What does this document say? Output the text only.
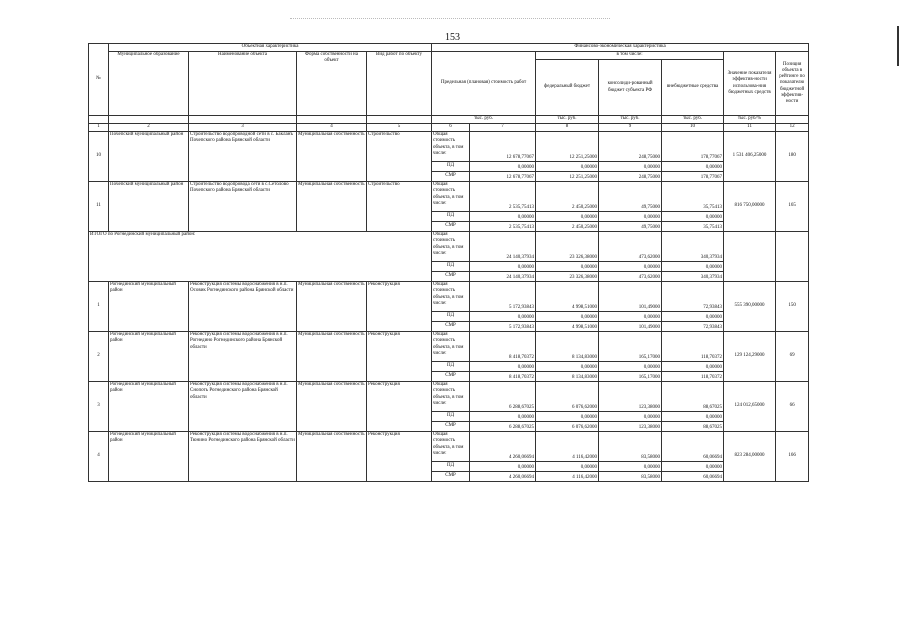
153
№	Объектная характеристика				Финансово-экономическая характеристика						
	Муниципальное образование	Наименование объекта	Форма собственности на объект	Вид работ по объекту	Предельная (плановая) стоимость работ		в том числе:			Значение показателя эффектив-ности использова-ния бюджетных средств	Позиция объекта в рейтинге по показателю бюджетной эффектив-ности
							федеральный бюджет	консолиди-рованный бюджет субъекта РФ	внебюджетные средства		
					тыс. руб.		тыс. руб.	тыс. руб.	тыс. руб.	тыс. руб/%	
1	2	3	4	5	6	7	8	9	10	11	12
10	Почепский муниципальный район	Строительство водопроводной сети в с. Бакланъ Почепского района Брянской области	Муниципальная собственность	Строительство	Общая стоимость объекта, в том числе:	12 678,77067	12 251,25000	248,75000	178,77067	1 531 406,25000	180
					ПД	0,00000	0,00000	0,00000	0,00000		
					СМР	12 678,77067	12 251,25000	248,75000	178,77067		
11	Почепский муниципальный район	Строительство водопровода сети в с.Сетолово Почепского района Брянской области	Муниципальная собственность	Строительство	Общая стоимость объекта, в том числе:	2 535,75413	2 450,25000	49,75000	35,75413	816 750,00000	165
					ПД	0,00000	0,00000	0,00000	0,00000		
					СМР	2 535,75413	2 450,25000	49,75000	35,75413		
ИТОГО по Рогнединский муниципальный район:					Общая стоимость объекта, в том числе:	24 140,37934	23 326,38000	473,62000	340,37934		
					ПД	0,00000	0,00000	0,00000	0,00000		
					СМР	24 140,37934	23 326,38000	473,62000	340,37934		
1	Рогнединский муниципальный район	Реконструкция системы водоснабжения в н.п. Осовик Рогнединского района Брянской области	Муниципальная собственность	Реконструкция	Общая стоимость объекта, в том числе:	5 172,93843	4 998,51000	101,49000	72,93843	555 390,00000	150
					ПД	0,00000	0,00000	0,00000	0,00000		
					СМР	5 172,93843	4 998,51000	101,49000	72,93843		
2	Рогнединский муниципальный район	Реконструкция системы водоснабжения в н.п. Рогнедино Рогнединского района Брянской области	Муниципальная собственность	Реконструкция	Общая стоимость объекта, в том числе:	8 418,70372	8 134,83000	165,17000	118,70372	129 124,29000	69
					ПД	0,00000	0,00000	0,00000	0,00000		
					СМР	8 418,70372	8 134,83000	165,17000	118,70372		
3	Рогнединский муниципальный район	Реконструкция системы водоснабжения в н.п. Снопоть Рогнединского района Брянской области	Муниципальная собственность	Реконструкция	Общая стоимость объекта, в том числе:	6 288,67025	6 076,62000	123,38000	88,67025	124 012,65000	66
					ПД	0,00000	0,00000	0,00000	0,00000		
					СМР	6 288,67025	6 076,62000	123,38000	88,67025		
4	Рогнединский муниципальный район	Реконструкция системы водоснабжения в н.п. Тюнино Рогнединского района Брянской области	Муниципальная собственность	Реконструкция	Общая стоимость объекта, в том числе:	4 260,06694	4 116,42000	83,58000	60,06694	823 284,00000	166
					ПД	0,00000	0,00000	0,00000	0,00000		
					СМР	4 260,06694	4 116,42000	83,58000	60,06694		
